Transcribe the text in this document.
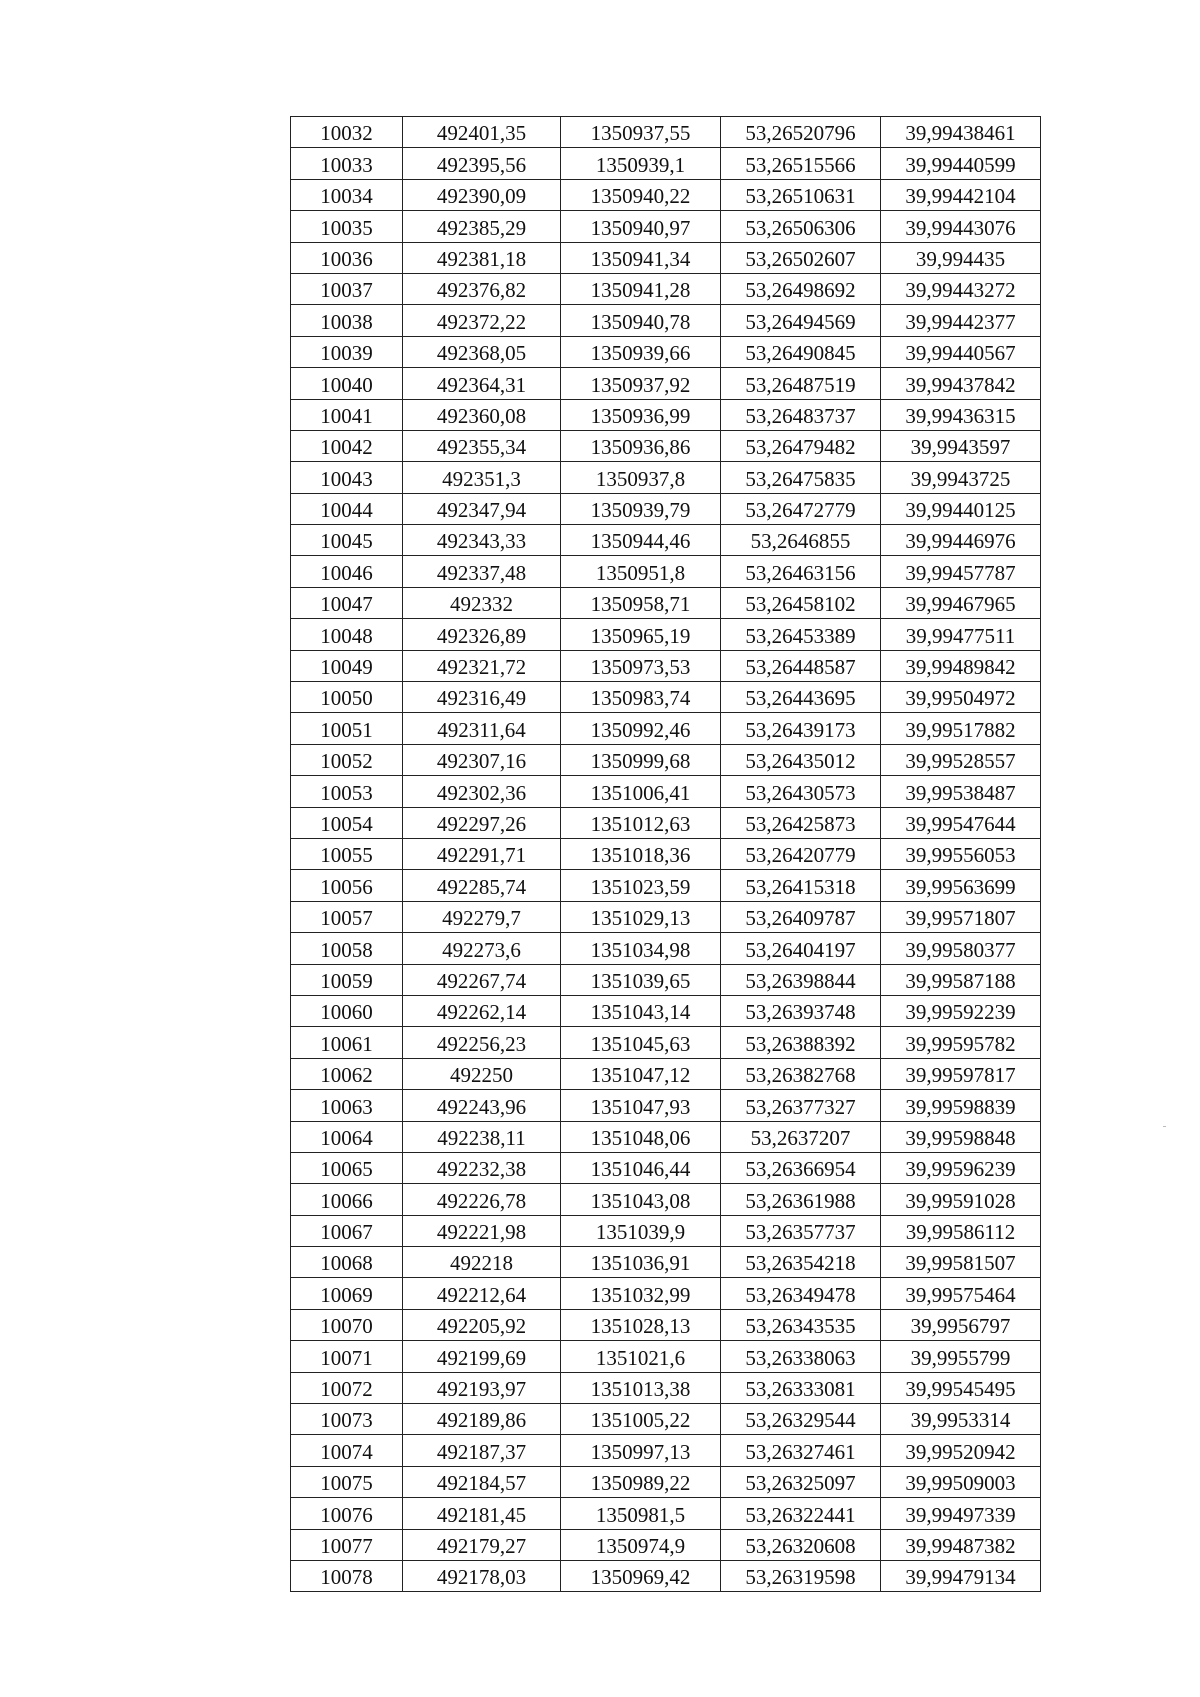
10032	492401,35	1350937,55	53,26520796	39,99438461
10033	492395,56	1350939,1	53,26515566	39,99440599
10034	492390,09	1350940,22	53,26510631	39,99442104
10035	492385,29	1350940,97	53,26506306	39,99443076
10036	492381,18	1350941,34	53,26502607	39,994435
10037	492376,82	1350941,28	53,26498692	39,99443272
10038	492372,22	1350940,78	53,26494569	39,99442377
10039	492368,05	1350939,66	53,26490845	39,99440567
10040	492364,31	1350937,92	53,26487519	39,99437842
10041	492360,08	1350936,99	53,26483737	39,99436315
10042	492355,34	1350936,86	53,26479482	39,9943597
10043	492351,3	1350937,8	53,26475835	39,9943725
10044	492347,94	1350939,79	53,26472779	39,99440125
10045	492343,33	1350944,46	53,2646855	39,99446976
10046	492337,48	1350951,8	53,26463156	39,99457787
10047	492332	1350958,71	53,26458102	39,99467965
10048	492326,89	1350965,19	53,26453389	39,99477511
10049	492321,72	1350973,53	53,26448587	39,99489842
10050	492316,49	1350983,74	53,26443695	39,99504972
10051	492311,64	1350992,46	53,26439173	39,99517882
10052	492307,16	1350999,68	53,26435012	39,99528557
10053	492302,36	1351006,41	53,26430573	39,99538487
10054	492297,26	1351012,63	53,26425873	39,99547644
10055	492291,71	1351018,36	53,26420779	39,99556053
10056	492285,74	1351023,59	53,26415318	39,99563699
10057	492279,7	1351029,13	53,26409787	39,99571807
10058	492273,6	1351034,98	53,26404197	39,99580377
10059	492267,74	1351039,65	53,26398844	39,99587188
10060	492262,14	1351043,14	53,26393748	39,99592239
10061	492256,23	1351045,63	53,26388392	39,99595782
10062	492250	1351047,12	53,26382768	39,99597817
10063	492243,96	1351047,93	53,26377327	39,99598839
10064	492238,11	1351048,06	53,2637207	39,99598848
10065	492232,38	1351046,44	53,26366954	39,99596239
10066	492226,78	1351043,08	53,26361988	39,99591028
10067	492221,98	1351039,9	53,26357737	39,99586112
10068	492218	1351036,91	53,26354218	39,99581507
10069	492212,64	1351032,99	53,26349478	39,99575464
10070	492205,92	1351028,13	53,26343535	39,9956797
10071	492199,69	1351021,6	53,26338063	39,9955799
10072	492193,97	1351013,38	53,26333081	39,99545495
10073	492189,86	1351005,22	53,26329544	39,9953314
10074	492187,37	1350997,13	53,26327461	39,99520942
10075	492184,57	1350989,22	53,26325097	39,99509003
10076	492181,45	1350981,5	53,26322441	39,99497339
10077	492179,27	1350974,9	53,26320608	39,99487382
10078	492178,03	1350969,42	53,26319598	39,99479134
